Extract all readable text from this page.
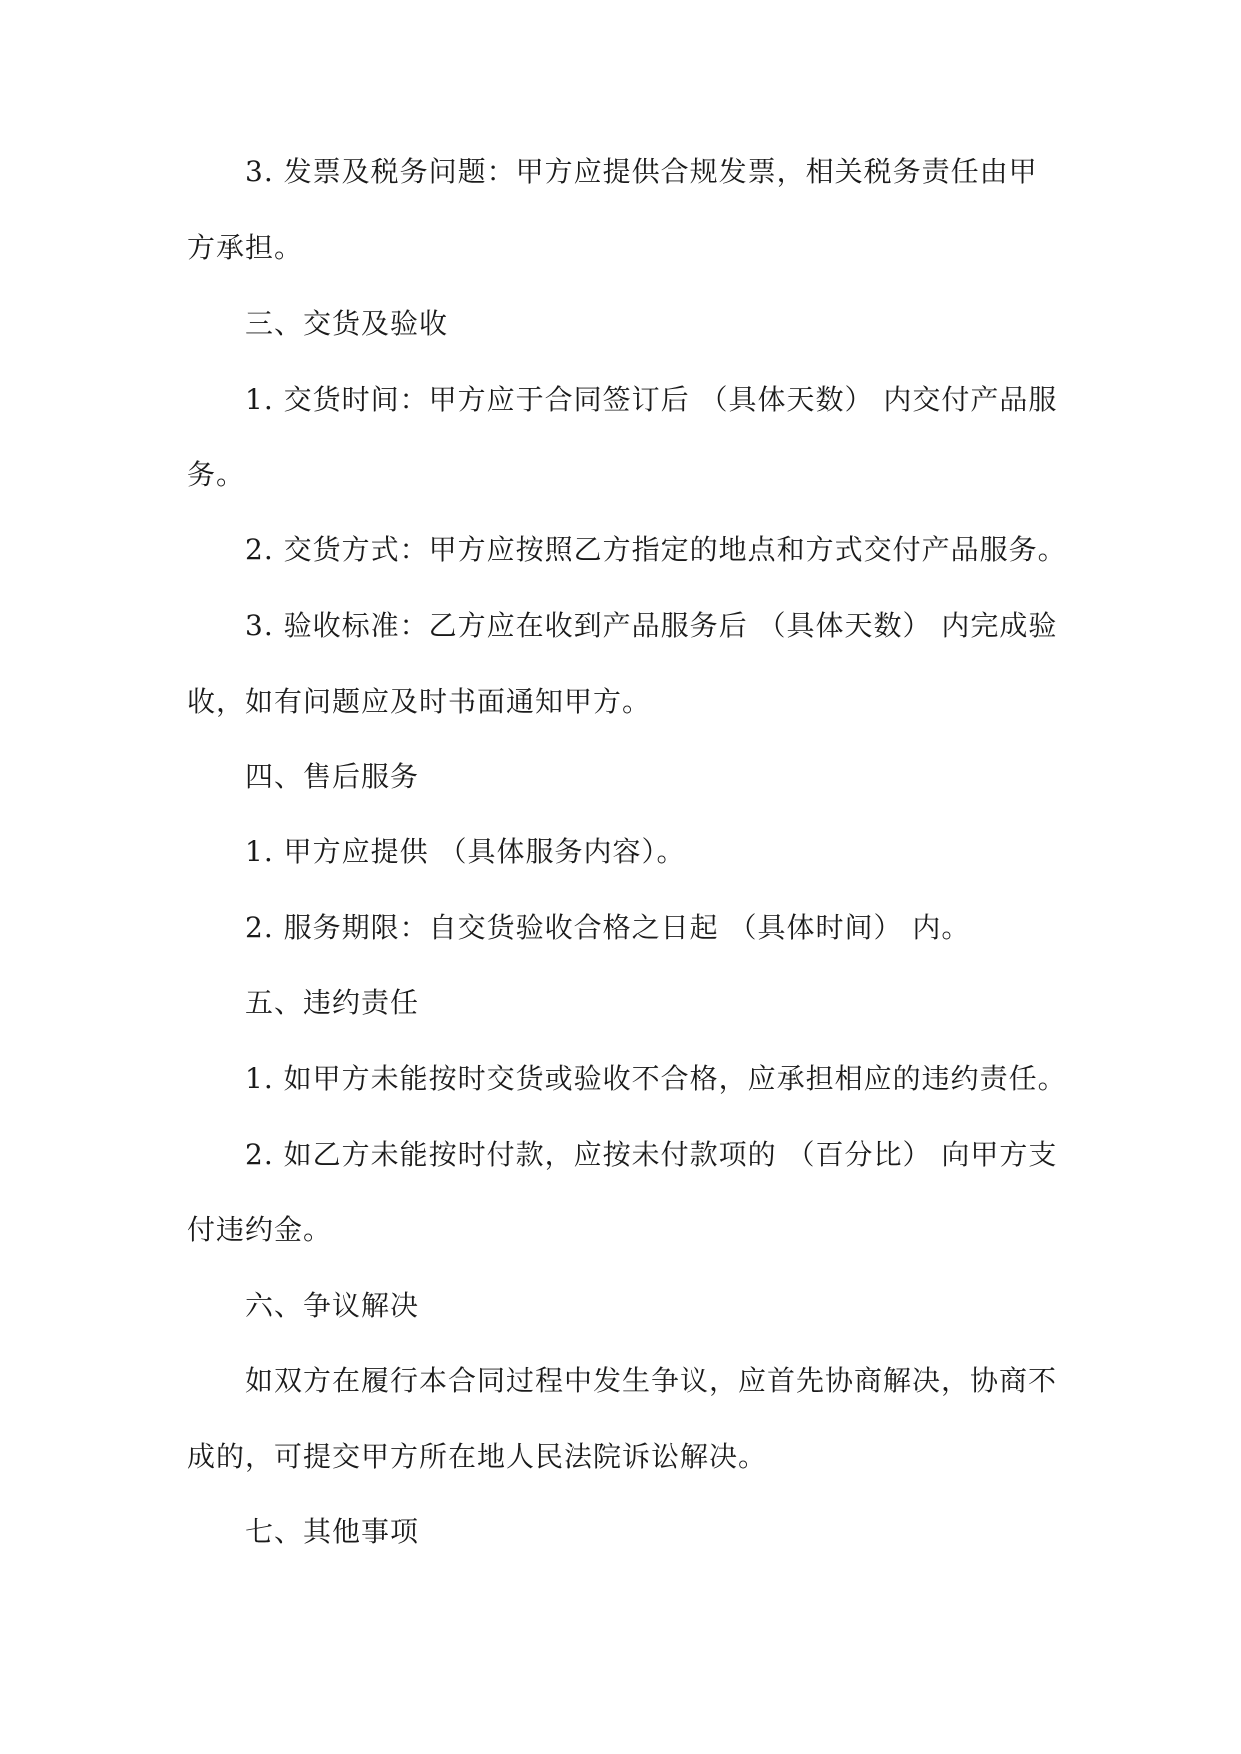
3. 发票及税务问题：甲方应提供合规发票，相关税务责任由甲
方承担。
三、交货及验收
1. 交货时间：甲方应于合同签订后 （具体天数） 内交付产品服
务。
2. 交货方式：甲方应按照乙方指定的地点和方式交付产品服务。
3. 验收标准：乙方应在收到产品服务后 （具体天数） 内完成验
收，如有问题应及时书面通知甲方。
四、售后服务
1. 甲方应提供 （具体服务内容）。
2. 服务期限：自交货验收合格之日起 （具体时间） 内。
五、违约责任
1. 如甲方未能按时交货或验收不合格，应承担相应的违约责任。
2. 如乙方未能按时付款，应按未付款项的 （百分比） 向甲方支
付违约金。
六、争议解决
如双方在履行本合同过程中发生争议，应首先协商解决，协商不
成的，可提交甲方所在地人民法院诉讼解决。
七、其他事项
